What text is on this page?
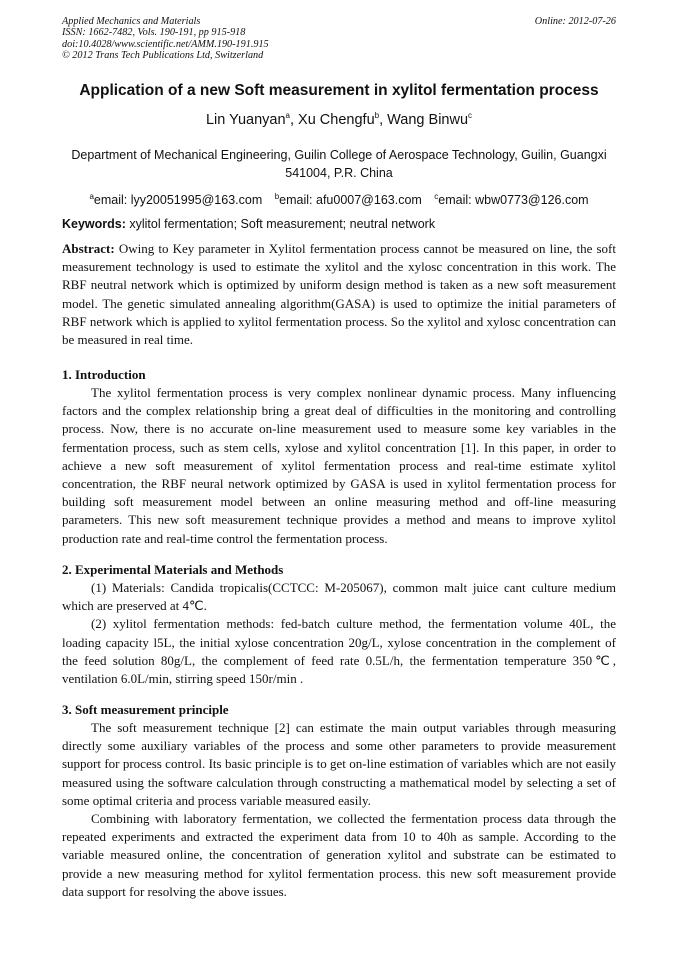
Applied Mechanics and Materials
ISSN: 1662-7482, Vols. 190-191, pp 915-918
doi:10.4028/www.scientific.net/AMM.190-191.915
© 2012 Trans Tech Publications Ltd, Switzerland
Online: 2012-07-26
Application of a new Soft measurement in xylitol fermentation process
Lin Yuanyan$^a$, Xu Chengfu$^b$, Wang Binwu$^c$
Department of Mechanical Engineering, Guilin College of Aerospace Technology, Guilin, Guangxi
541004, P.R. China
$^a$email: lyy20051995@163.com $^b$email: afu0007@163.com $^c$email: wbw0773@126.com
Keywords: xylitol fermentation; Soft measurement; neutral network

Abstract: Owing to Key parameter in Xylitol fermentation process cannot be measured on line, the soft measurement technology is used to estimate the xylitol and the xylosc concentration in this work. The RBF neutral network which is optimized by uniform design method is taken as a new soft measurement model. The genetic simulated annealing algorithm(GASA) is used to optimize the initial parameters of RBF network which is applied to xylitol fermentation process. So the xylitol and xylosc concentration can be measured in real time.

1. Introduction

The xylitol fermentation process is very complex nonlinear dynamic process. Many influencing factors and the complex relationship bring a great deal of difficulties in the monitoring and controlling process. Now, there is no accurate on-line measurement used to measure some key variables in the fermentation process, such as stem cells, xylose and xylitol concentration [1]. In this paper, in order to achieve a new soft measurement of xylitol fermentation process and real-time estimate xylitol concentration, the RBF neural network optimized by GASA is used in xylitol fermentation process for building soft measurement model between an online measuring method and off-line measuring parameters. This new soft measurement technique provides a method and means to improve xylitol production rate and real-time control the fermentation process.

2. Experimental Materials and Methods

(1) Materials: Candida tropicalis(CCTCC: M-205067), common malt juice cant culture medium which are preserved at 4℃.

(2) xylitol fermentation methods: fed-batch culture method, the fermentation volume 40L, the loading capacity l5L, the initial xylose concentration 20g/L, xylose concentration in the complement of the feed solution 80g/L, the complement of feed rate 0.5L/h, the fermentation temperature 350℃, ventilation 6.0L/min, stirring speed 150r/min .

3. Soft measurement principle

The soft measurement technique [2] can estimate the main output variables through measuring directly some auxiliary variables of the process and some other parameters to provide measurement support for process control. Its basic principle is to get on-line estimation of variables which are not easily measured using the software calculation through constructing a mathematical model by selecting a set of some optimal criteria and process variable measured easily.

Combining with laboratory fermentation, we collected the fermentation process data through the repeated experiments and extracted the experiment data from 10 to 40h as sample. According to the variable measured online, the concentration of generation xylitol and substrate can be estimated to provide a new measuring method for xylitol fermentation process. this new soft measurement provide data support for resolving the above issues.
